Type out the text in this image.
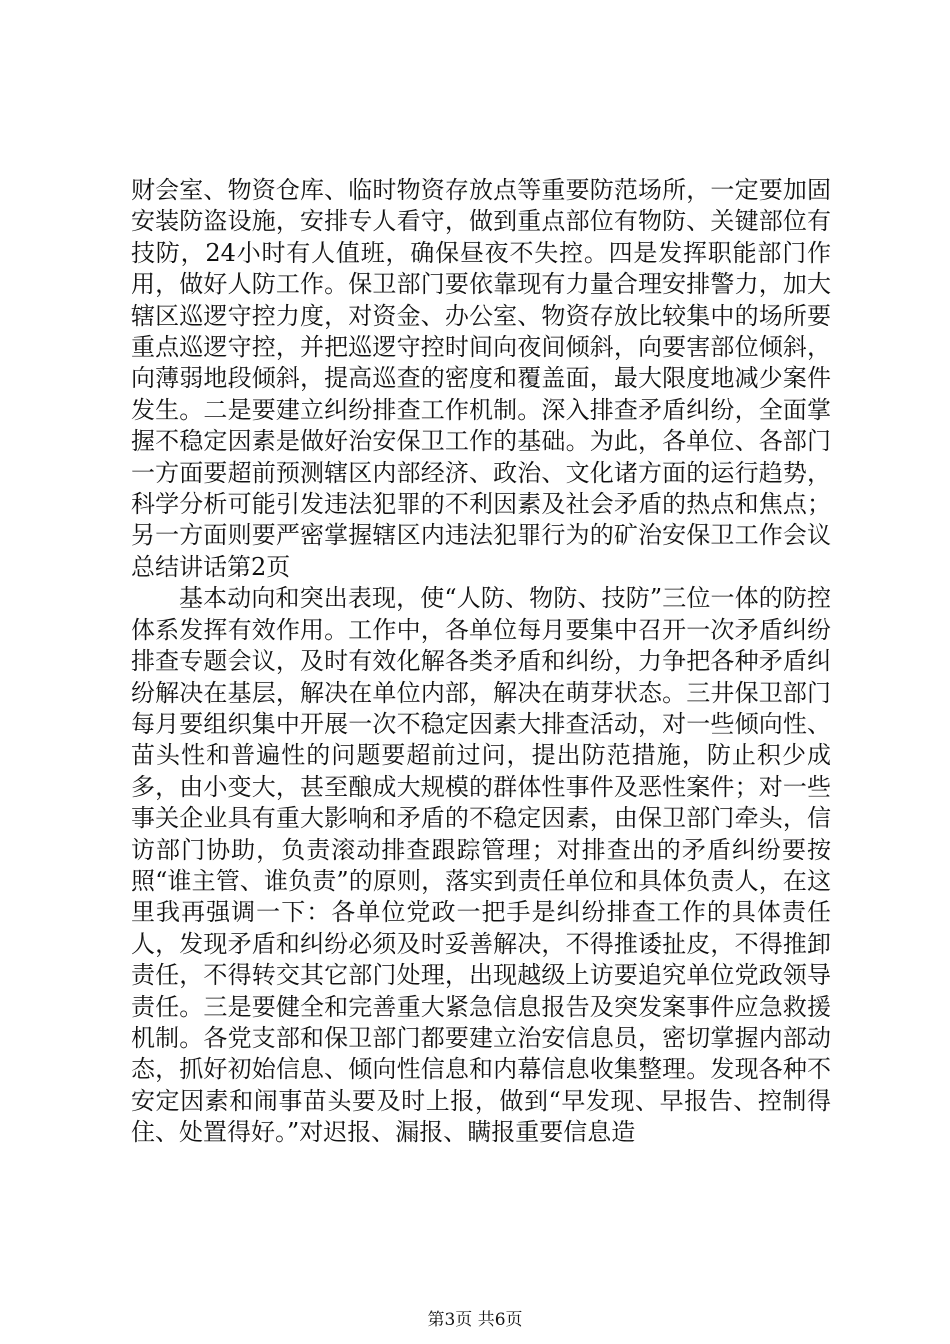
财会室、物资仓库、临时物资存放点等重要防范场所，一定要加固安装防盗设施，安排专人看守，做到重点部位有物防、关键部位有技防，24小时有人值班，确保昼夜不失控。四是发挥职能部门作用，做好人防工作。保卫部门要依靠现有力量合理安排警力，加大辖区巡逻守控力度，对资金、办公室、物资存放比较集中的场所要重点巡逻守控，并把巡逻守控时间向夜间倾斜，向要害部位倾斜，向薄弱地段倾斜，提高巡查的密度和覆盖面，最大限度地减少案件发生。二是要建立纠纷排查工作机制。深入排查矛盾纠纷，全面掌握不稳定因素是做好治安保卫工作的基础。为此，各单位、各部门一方面要超前预测辖区内部经济、政治、文化诸方面的运行趋势，科学分析可能引发违法犯罪的不利因素及社会矛盾的热点和焦点；另一方面则要严密掌握辖区内违法犯罪行为的矿治安保卫工作会议总结讲话第2页

基本动向和突出表现，使“人防、物防、技防”三位一体的防控体系发挥有效作用。工作中，各单位每月要集中召开一次矛盾纠纷排查专题会议，及时有效化解各类矛盾和纠纷，力争把各种矛盾纠纷解决在基层，解决在单位内部，解决在萌芽状态。三井保卫部门每月要组织集中开展一次不稳定因素大排查活动，对一些倾向性、苗头性和普遍性的问题要超前过问，提出防范措施，防止积少成多，由小变大，甚至酿成大规模的群体性事件及恶性案件；对一些事关企业具有重大影响和矛盾的不稳定因素，由保卫部门牵头，信访部门协助，负责滚动排查跟踪管理；对排查出的矛盾纠纷要按照“谁主管、谁负责”的原则，落实到责任单位和具体负责人，在这里我再强调一下：各单位党政一把手是纠纷排查工作的具体责任人，发现矛盾和纠纷必须及时妥善解决，不得推诿扯皮，不得推卸责任，不得转交其它部门处理，出现越级上访要追究单位党政领导责任。三是要健全和完善重大紧急信息报告及突发案事件应急救援机制。各党支部和保卫部门都要建立治安信息员，密切掌握内部动态，抓好初始信息、倾向性信息和内幕信息收集整理。发现各种不安定因素和闹事苗头要及时上报，做到“早发现、早报告、控制得住、处置得好。”对迟报、漏报、瞒报重要信息造

第3页 共6页
